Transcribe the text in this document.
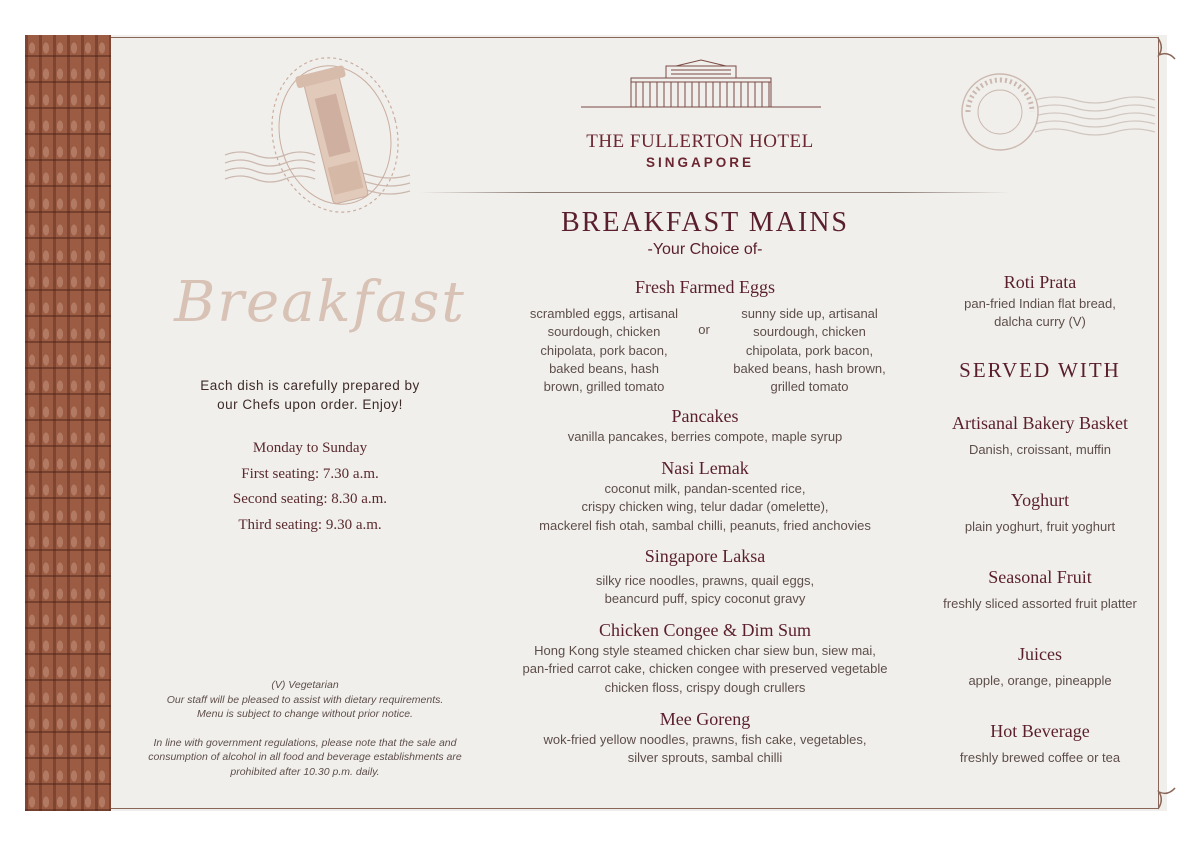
THE FULLERTON HOTEL
SINGAPORE
Breakfast
Each dish is carefully prepared by
our Chefs upon order. Enjoy!
Monday to Sunday
First seating: 7.30 a.m.
Second seating: 8.30 a.m.
Third seating: 9.30 a.m.
(V) Vegetarian
Our staff will be pleased to assist with dietary requirements.
Menu is subject to change without prior notice.
In line with government regulations, please note that the sale and
consumption of alcohol in all food and beverage establishments are
prohibited after 10.30 p.m. daily.
BREAKFAST MAINS
-Your Choice of-
Fresh Farmed Eggs
scrambled eggs, artisanal
sourdough, chicken
chipolata, pork bacon,
baked beans, hash
brown, grilled tomato
or
sunny side up, artisanal
sourdough, chicken
chipolata, pork bacon,
baked beans, hash brown,
grilled tomato
Pancakes
vanilla pancakes, berries compote, maple syrup
Nasi Lemak
coconut milk, pandan-scented rice,
crispy chicken wing, telur dadar (omelette),
mackerel fish otah, sambal chilli, peanuts, fried anchovies
Singapore Laksa
silky rice noodles, prawns, quail eggs,
beancurd puff, spicy coconut gravy
Chicken Congee & Dim Sum
Hong Kong style steamed chicken char siew bun, siew mai,
pan-fried carrot cake, chicken congee with preserved vegetable
chicken floss, crispy dough crullers
Mee Goreng
wok-fried yellow noodles, prawns, fish cake, vegetables,
silver sprouts, sambal chilli
Roti Prata
pan-fried Indian flat bread,
dalcha curry (V)
SERVED WITH
Artisanal Bakery Basket
Danish, croissant, muffin
Yoghurt
plain yoghurt, fruit yoghurt
Seasonal Fruit
freshly sliced assorted fruit platter
Juices
apple, orange, pineapple
Hot Beverage
freshly brewed coffee or tea
